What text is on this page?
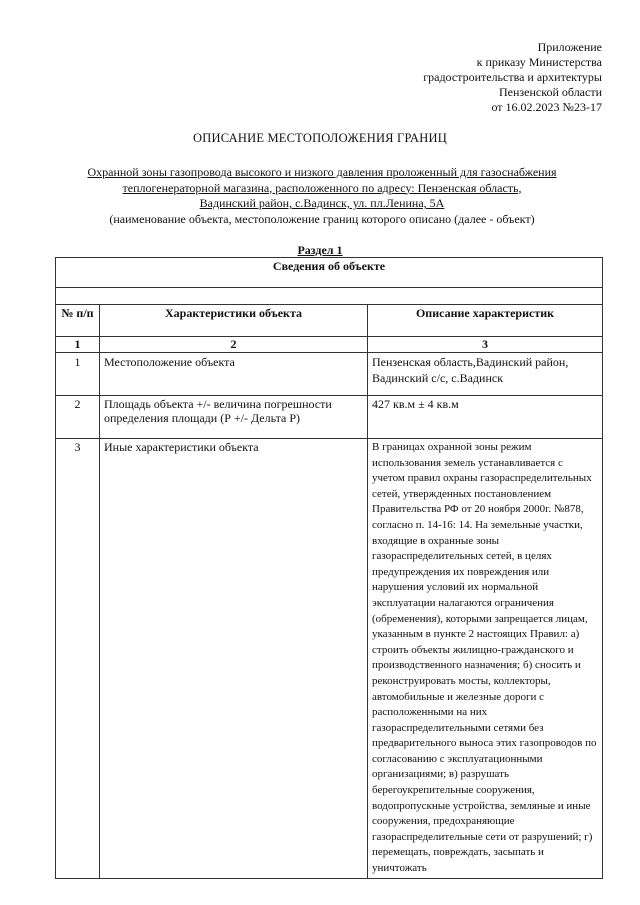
Приложение
к приказу Министерства
градостроительства и архитектуры
Пензенской области
от 16.02.2023 №23-17
ОПИСАНИЕ МЕСТОПОЛОЖЕНИЯ ГРАНИЦ
Охранной зоны газопровода высокого и низкого давления проложенный для газоснабжения
теплогенераторной магазина, расположенного по адресу: Пензенская область,
Вадинский район, с.Вадинск, ул. пл.Ленина, 5А
(наименование объекта, местоположение границ которого описано (далее - объект)
Раздел 1
Сведения об объекте		

№ п/п	Характеристики объекта	Описание характеристик
1	2	3
1	Местоположение объекта	Пензенская область,Вадинский район, Вадинский с/с, с.Вадинск
2	Площадь объекта +/- величина погрешности определения площади (Р +/- Дельта Р)	427 кв.м ± 4 кв.м
3	Иные характеристики объекта	В границах охранной зоны режим использования земель устанавливается с учетом правил охраны газораспределительных сетей, утвержденных постановлением Правительства РФ от 20 ноября 2000г. №878, согласно п. 14-16: 14. На земельные участки, входящие в охранные зоны газораспределительных сетей, в целях предупреждения их повреждения или нарушения условий их нормальной эксплуатации налагаются ограничения (обременения), которыми запрещается лицам, указанным в пункте 2 настоящих Правил: а) строить объекты жилищно-гражданского и производственного назначения; б) сносить и реконструировать мосты, коллекторы, автомобильные и железные дороги с расположенными на них газораспределительными сетями без предварительного выноса этих газопроводов по согласованию с эксплуатационными организациями; в) разрушать берегоукрепительные сооружения, водопропускные устройства, земляные и иные сооружения, предохраняющие газораспределительные сети от разрушений; г) перемещать, повреждать, засыпать и уничтожать
